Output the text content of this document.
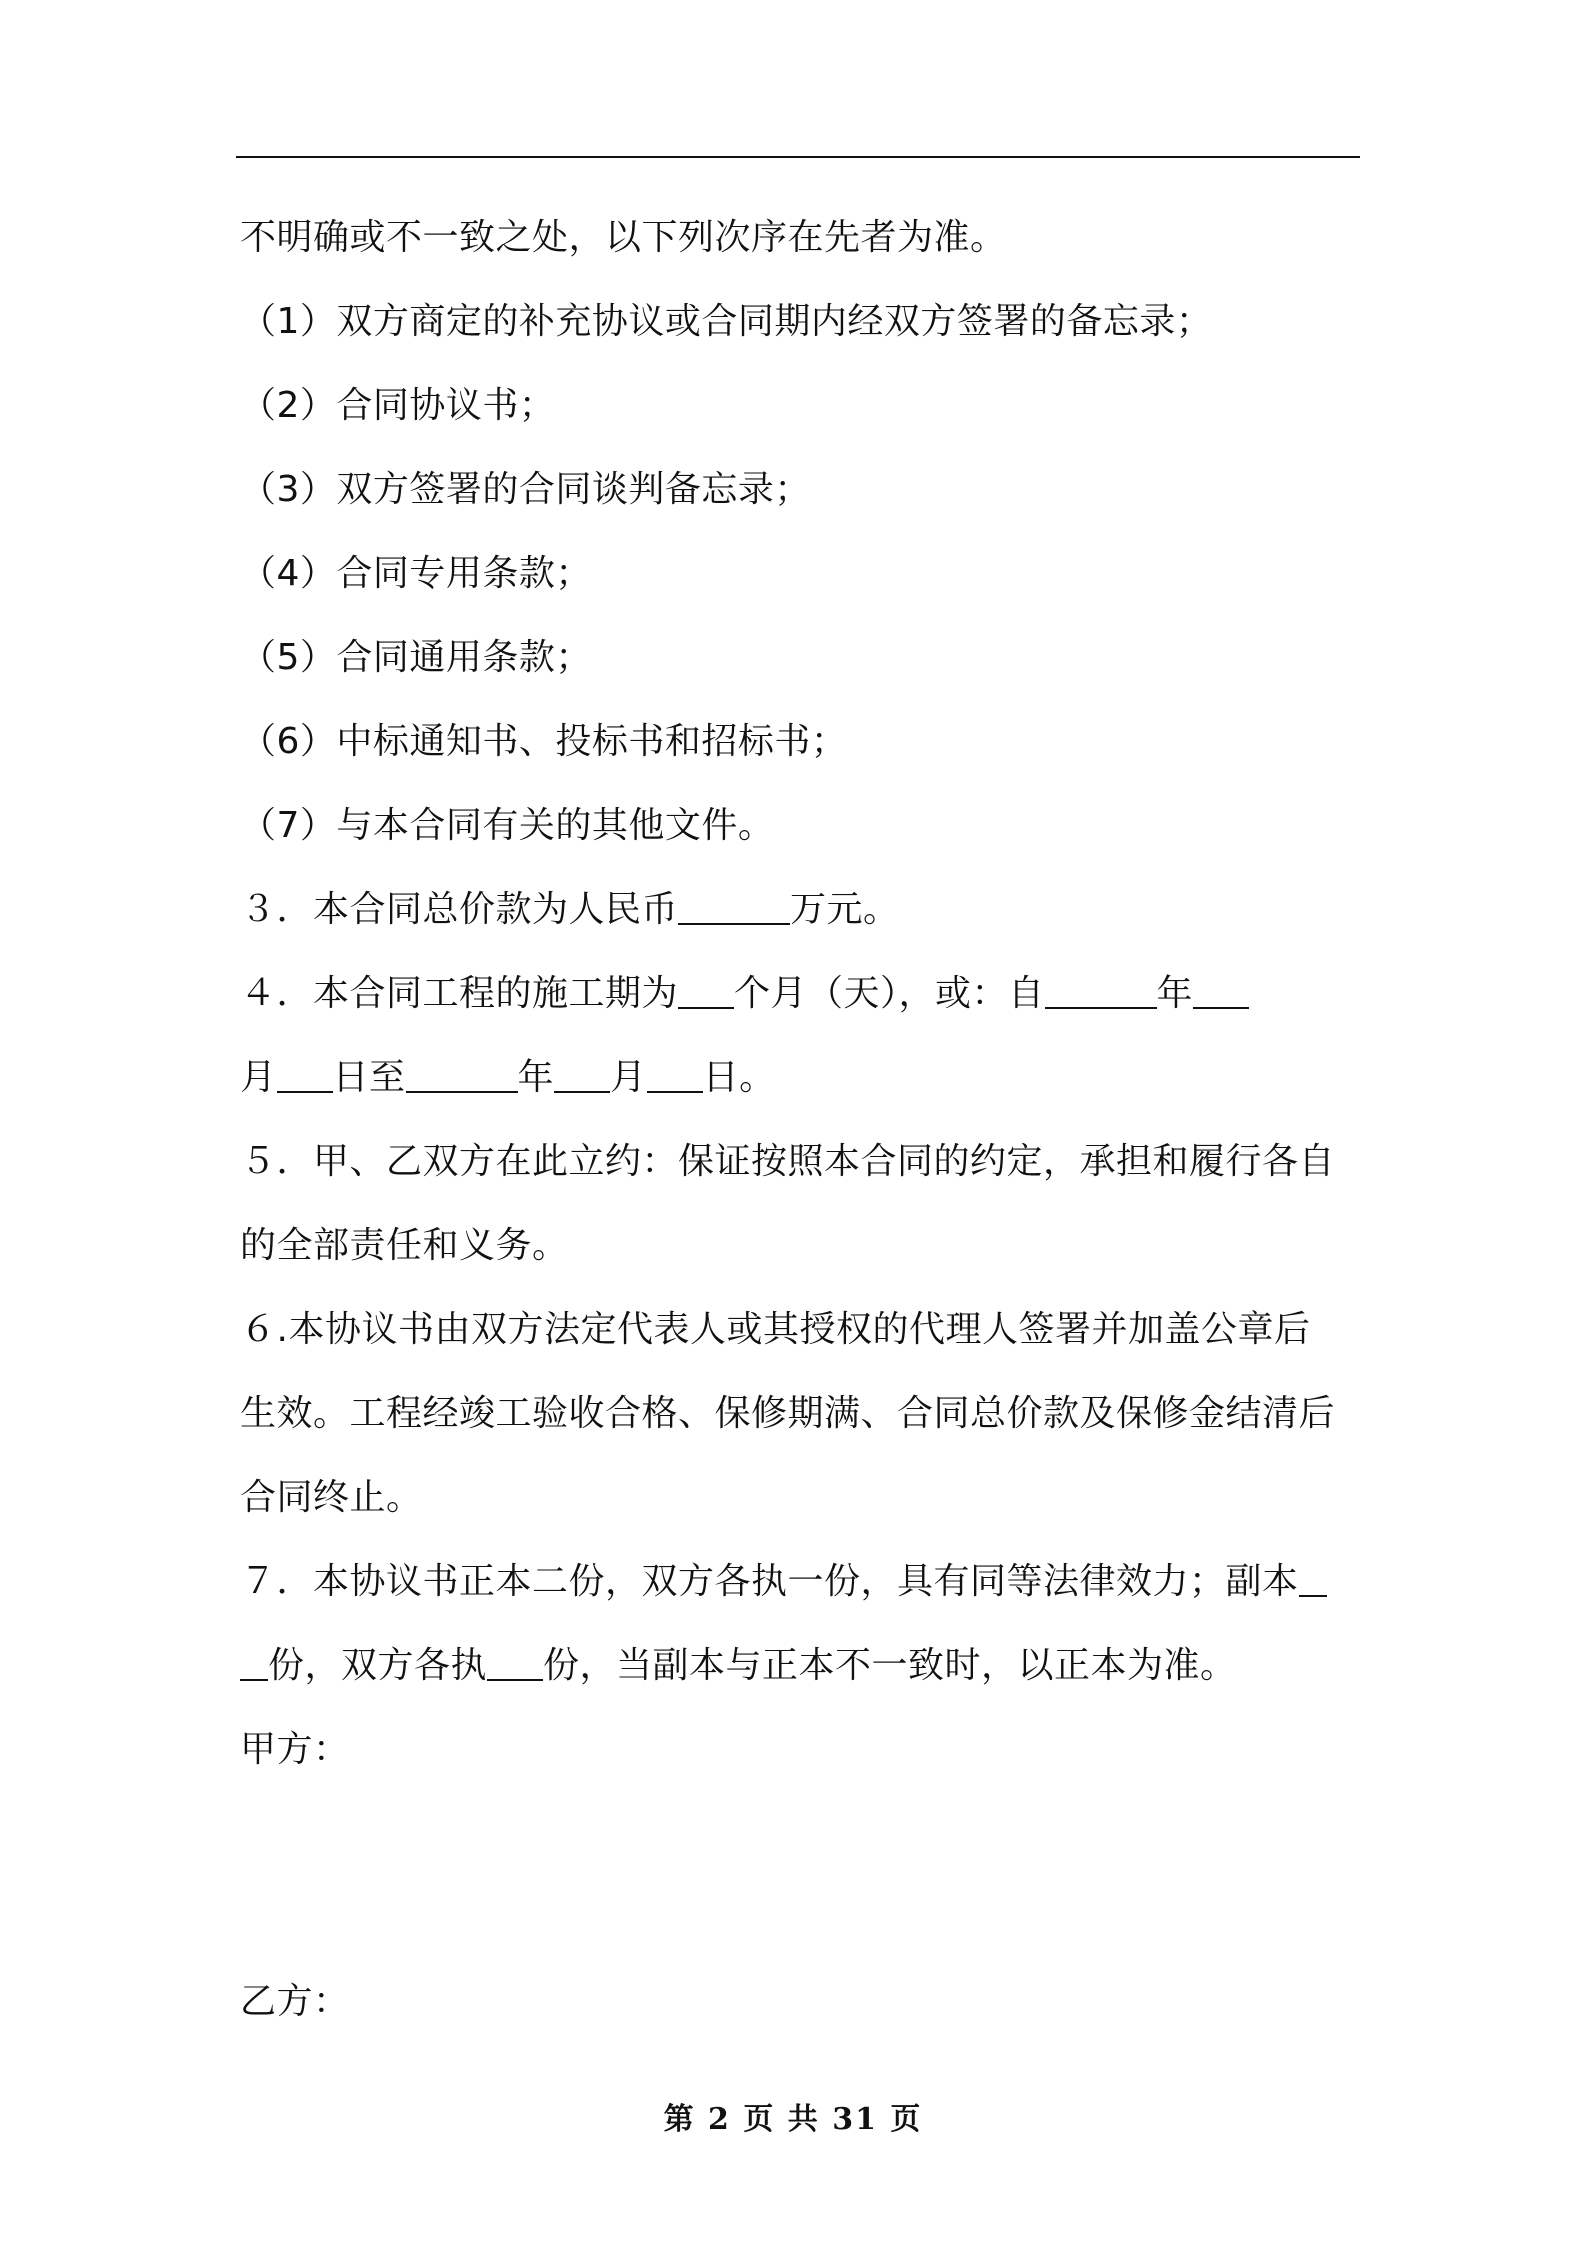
不明确或不一致之处，以下列次序在先者为准。
（1）双方商定的补充协议或合同期内经双方签署的备忘录；
（2）合同协议书；
（3）双方签署的合同谈判备忘录；
（4）合同专用条款；
（5）合同通用条款；
（6）中标通知书、投标书和招标书；
（7）与本合同有关的其他文件。
３．本合同总价款为人民币	万元。
４．本合同工程的施工期为 个月（天），或：自	年
月 日至	年 月 日。
５．甲、乙双方在此立约：保证按照本合同的约定，承担和履行各自
的全部责任和义务。
６.本协议书由双方法定代表人或其授权的代理人签署并加盖公章后
生效。工程经竣工验收合格、保修期满、合同总价款及保修金结清后
合同终止。
７．本协议书正本二份，双方各执一份，具有同等法律效力；副本
份，双方各执 份，当副本与正本不一致时，以正本为准。
甲方：
乙方：
第 2 页 共 31 页
